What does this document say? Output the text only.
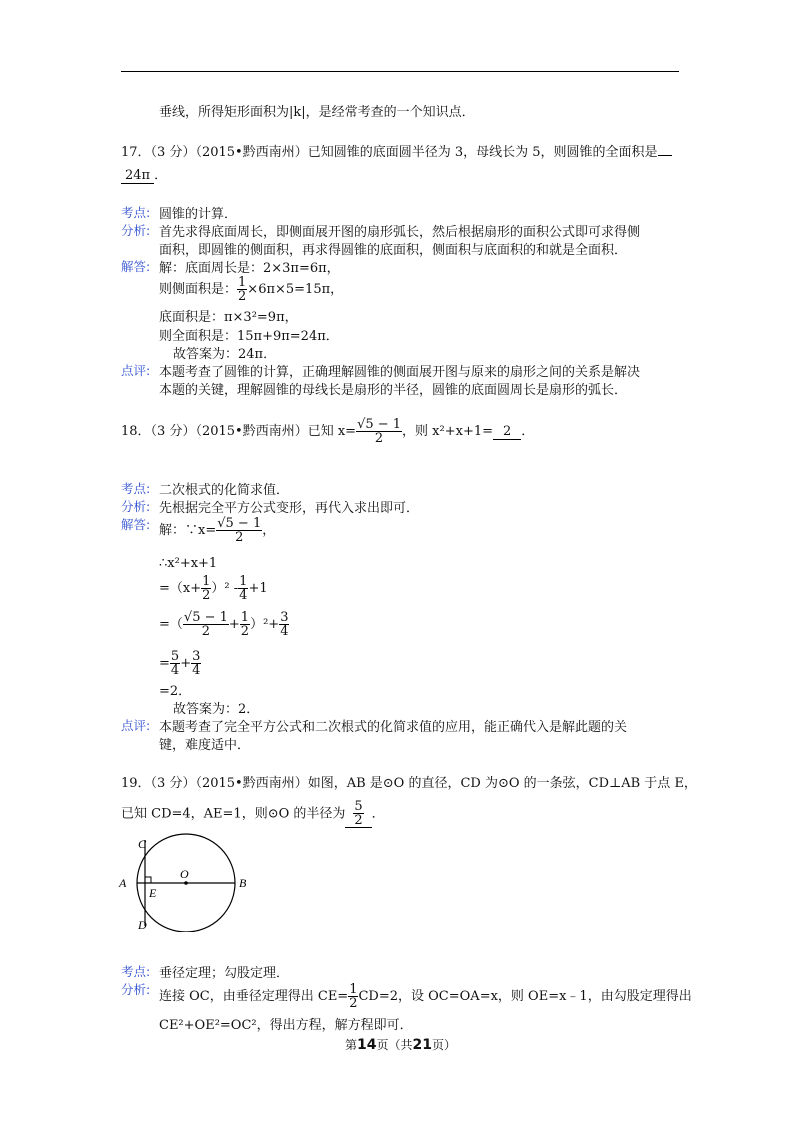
垂线，所得矩形面积为|k|，是经常考查的一个知识点．
17．（3 分）（2015•黔西南州）已知圆锥的底面圆半径为 3，母线长为 5，则圆锥的全面积是
24π ．
考点: 圆锥的计算．
分析: 首先求得底面周长，即侧面展开图的扇形弧长，然后根据扇形的面积公式即可求得侧
面积，即圆锥的侧面积，再求得圆锥的底面积，侧面积与底面积的和就是全面积．
解答: 解：底面周长是：2×3π=6π，
则侧面积是： $\frac{1}{2} \times 6\pi\times 5=15\pi$，
底面积是：π×3²=9π，
则全面积是：15π+9π=24π．
故答案为：24π．
点评: 本题考查了圆锥的计算，正确理解圆锥的侧面展开图与原来的扇形之间的关系是解决
本题的关键，理解圆锥的母线长是扇形的半径，圆锥的底面圆周长是扇形的弧长．
18．（3 分）（2015•黔西南州）已知 $x= \frac{√5 - 1}{2}$ ，则 x²+x+1= 2 ．
考点: 二次根式的化简求值．
分析: 先根据完全平方公式变形，再代入求出即可．
解答: 解：∵x= $\frac{√5 - 1}{2}$ ，
∴x²+x+1
$=(x+ \frac{1}{2} )^2 - \frac{1}{4} +1$
=（ $\frac{√5 - 1}{2} + \frac{1}{2} )^2+ \frac{3}{4}$
= $\frac{5}{4} + \frac{3}{4}$
=2．
故答案为：2．
点评: 本题考查了完全平方公式和二次根式的化简求值的应用，能正确代入是解此题的关
键，难度适中．
19．（3 分）（2015•黔西南州）如图，AB 是⊙O 的直径，CD 为⊙O 的一条弦，CD⊥AB 于点 E，
已知 CD=4，AE=1，则⊙O 的半径为 $\frac{5}{2}$ ．
C
A
E
O
B
D
考点: 垂径定理；勾股定理．
分析: 连接 OC，由垂径定理得出 $CE= \frac{1}{2} CD=2$，设 OC=OA=x，则 OE=x﹣1，由勾股定理得出
CE²+OE²=OC²，得出方程，解方程即可．
第14页（共21页）
